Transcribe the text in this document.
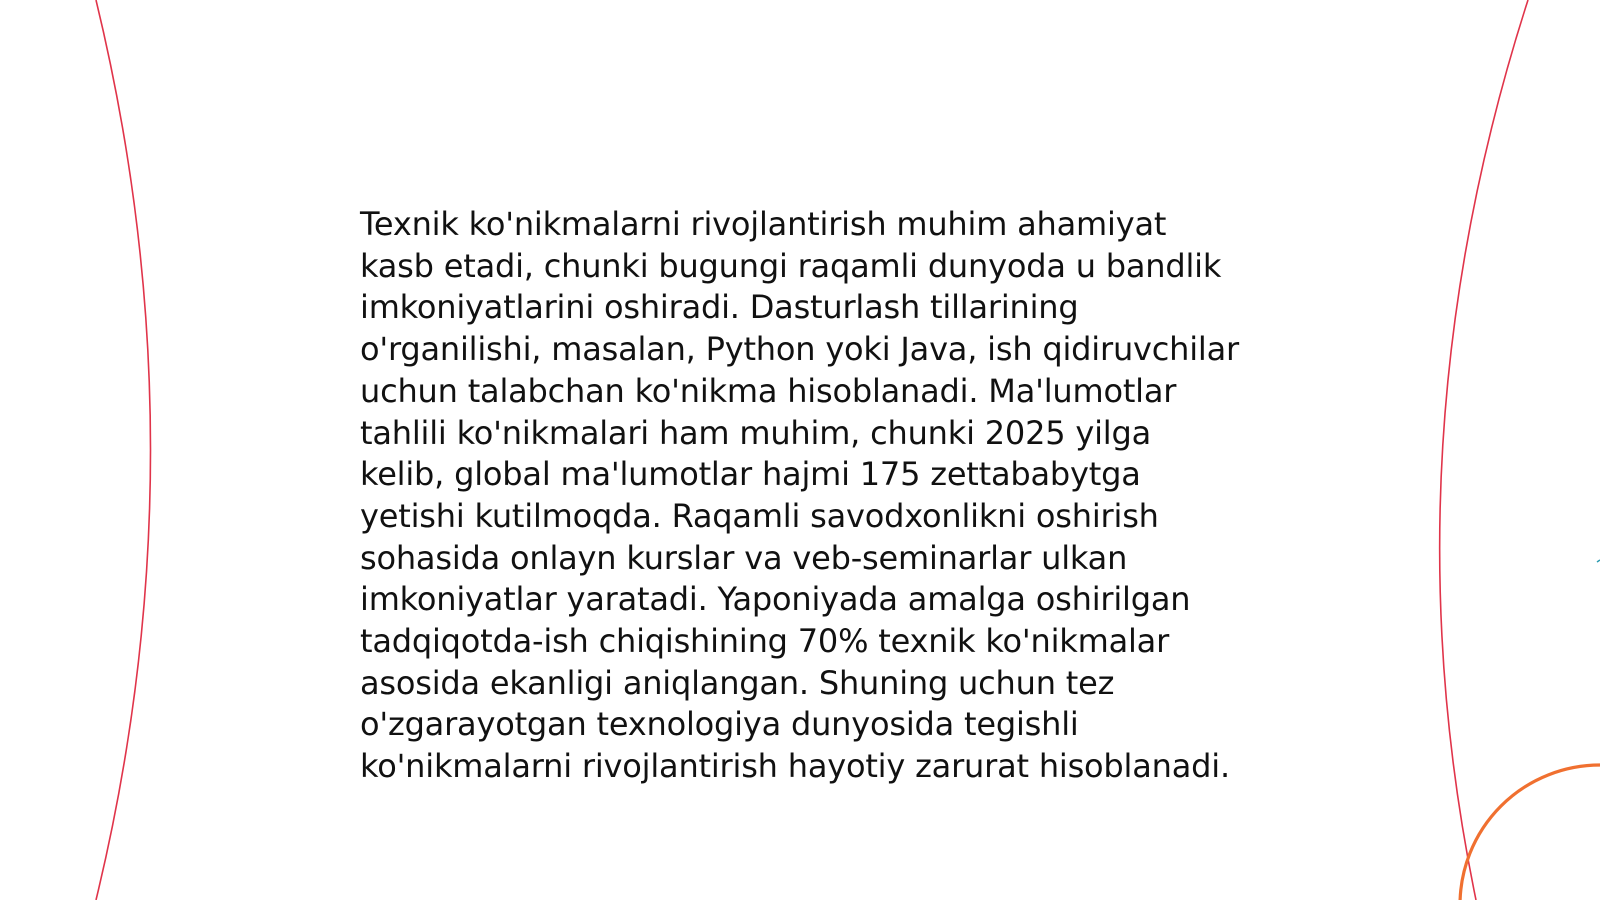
Texnik ko'nikmalarni rivojlantirish muhim ahamiyat kasb etadi, chunki bugungi raqamli dunyoda u bandlik imkoniyatlarini oshiradi. Dasturlash tillarining o'rganilishi, masalan, Python yoki Java, ish qidiruvchilar uchun talabchan ko'nikma hisoblanadi. Ma'lumotlar tahlili ko'nikmalari ham muhim, chunki 2025 yilga kelib, global ma'lumotlar hajmi 175 zettababytga yetishi kutilmoqda. Raqamli savodxonlikni oshirish sohasida onlayn kurslar va veb-seminarlar ulkan imkoniyatlar yaratadi. Yaponiyada amalga oshirilgan tadqiqotda-ish chiqishining 70% texnik ko'nikmalar asosida ekanligi aniqlangan. Shuning uchun tez o'zgarayotgan texnologiya dunyosida tegishli ko'nikmalarni rivojlantirish hayotiy zarurat hisoblanadi.
